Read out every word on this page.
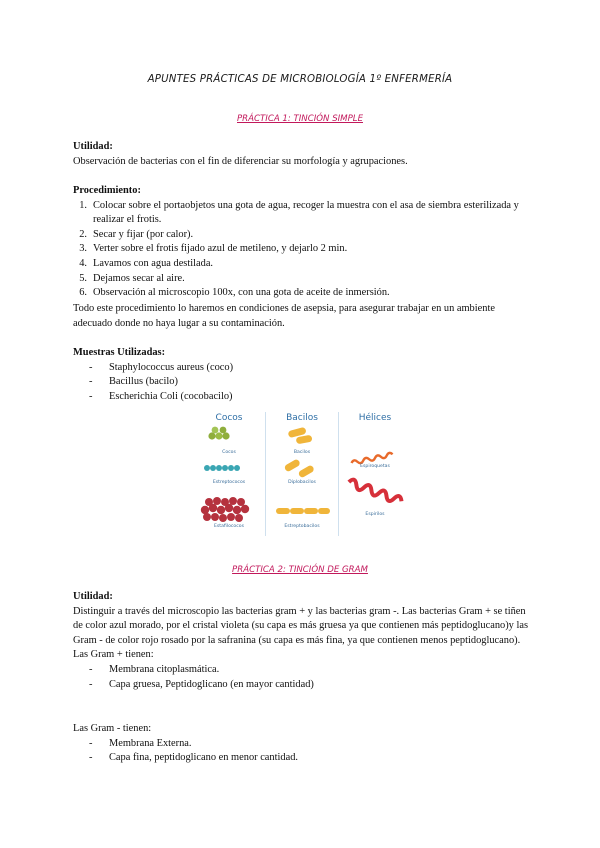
APUNTES PRÁCTICAS DE MICROBIOLOGÍA 1º ENFERMERÍA
PRÁCTICA 1: TINCIÓN SIMPLE
Utilidad:
Observación de bacterias con el fin de diferenciar su morfología y agrupaciones.
Procedimiento:
1. Colocar sobre el portaobjetos una gota de agua, recoger la muestra con el asa de siembra esterilizada y realizar el frotis.
2. Secar y fijar (por calor).
3. Verter sobre el frotis fijado azul de metileno, y dejarlo 2 min.
4. Lavamos con agua destilada.
5. Dejamos secar al aire.
6. Observación al microscopio 100x, con una gota de aceite de inmersión.
Todo este procedimiento lo haremos en condiciones de asepsia, para asegurar trabajar en un ambiente adecuado donde no haya lugar a su contaminación.
Muestras Utilizadas:
- Staphylococcus aureus (coco)
- Bacillus (bacilo)
- Escherichia Coli (cocobacilo)
Cocos
Cocos
Estreptococos
Estafilococos
Bacilos
Bacilos
Diplobacilos
Estreptobacilos
Hélices
Espiroquetas
Espirilos
PRÁCTICA 2: TINCIÓN DE GRAM
Utilidad:
Distinguir a través del microscopio las bacterias gram + y las bacterias gram -. Las bacterias Gram + se tiñen de color azul morado, por el cristal violeta (su capa es más gruesa ya que contienen más peptidoglucano)y las Gram - de color rojo rosado por la safranina (su capa es más fina, ya que contienen menos peptidoglucano).
Las Gram + tienen:
- Membrana citoplasmática.
- Capa gruesa, Peptidoglicano (en mayor cantidad)
Las Gram - tienen:
- Membrana Externa.
- Capa fina, peptidoglicano en menor cantidad.
